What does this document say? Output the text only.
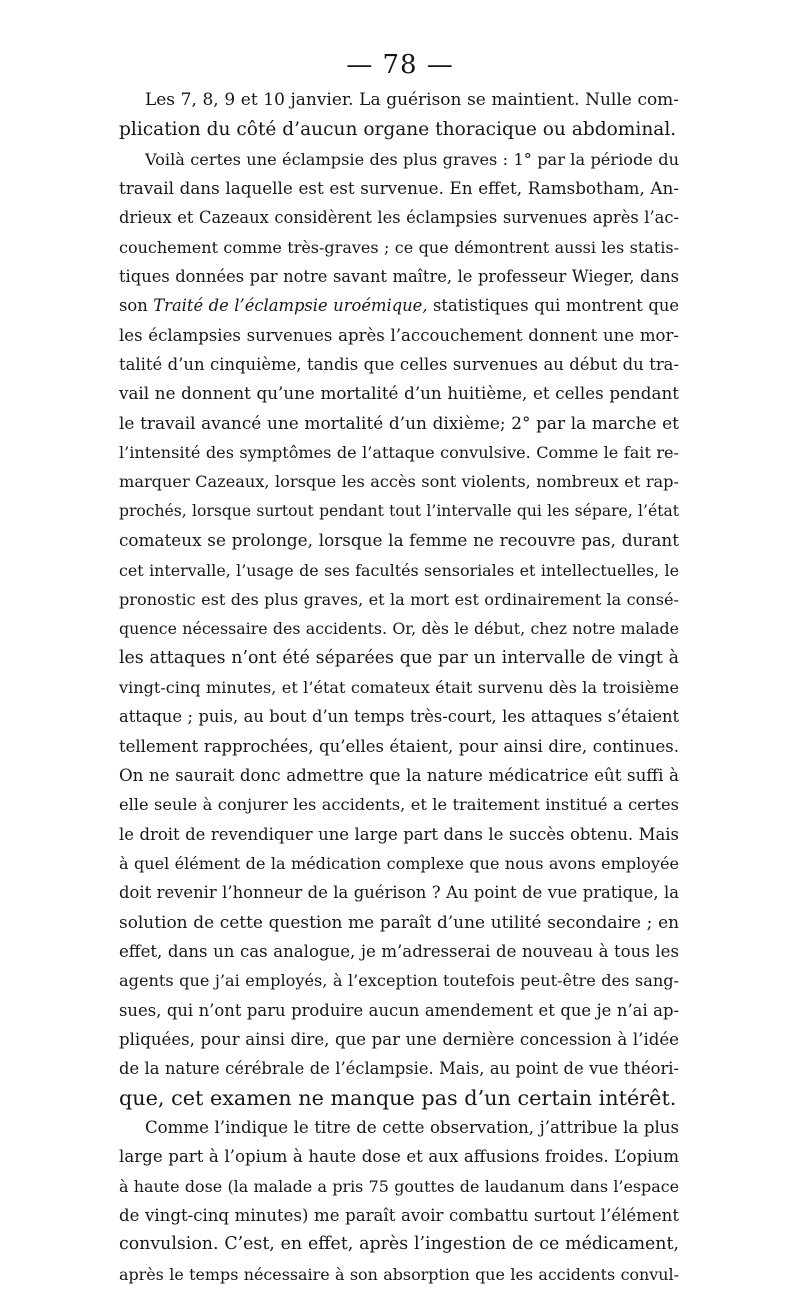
— 78 —
Les 7, 8, 9 et 10 janvier. La guérison se maintient. Nulle com-
plication du côté d’aucun organe thoracique ou abdominal.
Voilà certes une éclampsie des plus graves : 1° par la période du
travail dans laquelle est est survenue. En effet, Ramsbotham, An-
drieux et Cazeaux considèrent les éclampsies survenues après l’ac-
couchement comme très-graves ; ce que démontrent aussi les statis-
tiques données par notre savant maître, le professeur Wieger, dans
son Traité de l’éclampsie uroémique, statistiques qui montrent que
les éclampsies survenues après l’accouchement donnent une mor-
talité d’un cinquième, tandis que celles survenues au début du tra-
vail ne donnent qu’une mortalité d’un huitième, et celles pendant
le travail avancé une mortalité d’un dixième; 2° par la marche et
l’intensité des symptômes de l’attaque convulsive. Comme le fait re-
marquer Cazeaux, lorsque les accès sont violents, nombreux et rap-
prochés, lorsque surtout pendant tout l’intervalle qui les sépare, l’état
comateux se prolonge, lorsque la femme ne recouvre pas, durant
cet intervalle, l’usage de ses facultés sensoriales et intellectuelles, le
pronostic est des plus graves, et la mort est ordinairement la consé-
quence nécessaire des accidents. Or, dès le début, chez notre malade
les attaques n’ont été séparées que par un intervalle de vingt à
vingt-cinq minutes, et l’état comateux était survenu dès la troisième
attaque ; puis, au bout d’un temps très-court, les attaques s’étaient
tellement rapprochées, qu’elles étaient, pour ainsi dire, continues.
On ne saurait donc admettre que la nature médicatrice eût suffi à
elle seule à conjurer les accidents, et le traitement institué a certes
le droit de revendiquer une large part dans le succès obtenu. Mais
à quel élément de la médication complexe que nous avons employée
doit revenir l’honneur de la guérison ? Au point de vue pratique, la
solution de cette question me paraît d’une utilité secondaire ; en
effet, dans un cas analogue, je m’adresserai de nouveau à tous les
agents que j’ai employés, à l’exception toutefois peut-être des sang-
sues, qui n’ont paru produire aucun amendement et que je n’ai ap-
pliquées, pour ainsi dire, que par une dernière concession à l’idée
de la nature cérébrale de l’éclampsie. Mais, au point de vue théori-
que, cet examen ne manque pas d’un certain intérêt.
Comme l’indique le titre de cette observation, j’attribue la plus
large part à l’opium à haute dose et aux affusions froides. L’opium
à haute dose (la malade a pris 75 gouttes de laudanum dans l’espace
de vingt-cinq minutes) me paraît avoir combattu surtout l’élément
convulsion. C’est, en effet, après l’ingestion de ce médicament,
après le temps nécessaire à son absorption que les accidents convul-
